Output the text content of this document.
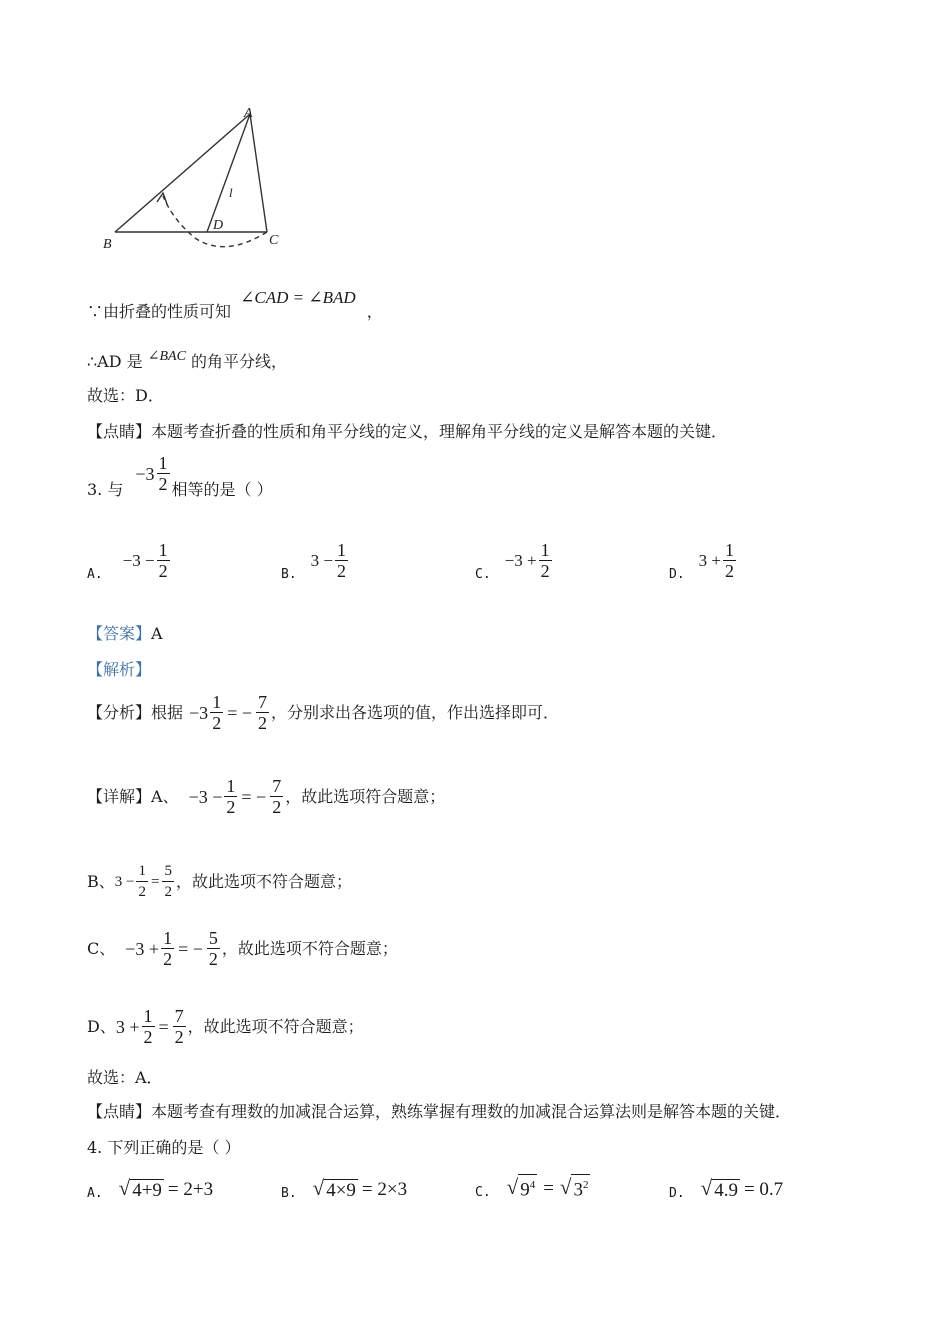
A
B	C
D
l
∵由折叠的性质可知 ∠CAD = ∠BAD ，
∴AD 是 ∠BAC 的角平分线，
故选：D．
【点睛】本题考查折叠的性质和角平分线的定义，理解角平分线的定义是解答本题的关键．
3. 与
$-3 \frac{1}{2}$ 相等的是（ ）
A.
$-3 - \frac{1}{2}$	B.
$3 - \frac{1}{2}$	C.
$-3 + \frac{1}{2}$	D.
$3 + \frac{1}{2}$
【答案】A
【解析】
【分析】 根据 $-3 \frac{1}{2}$ = − $\frac{7}{2}$ ，分别求出各选项的值，作出选择即可．
【详解】 A、 $-3 - \frac{1}{2}$ = − $\frac{7}{2}$ ，故此选项符合题意；
B、 $3 - \frac{1}{2} = \frac{5}{2}$ ，故此选项不符合题意；
C、 $-3 + \frac{1}{2}$ = − $\frac{5}{2}$ ，故此选项不符合题意；
D、 $3 + \frac{1}{2} = \frac{7}{2}$ ，故此选项不符合题意；
故选：A．
【点睛】本题考查有理数的加减混合运算，熟练掌握有理数的加减混合运算法则是解答本题的关键．
4. 下列正确的是（ ）
A. √ 4+9 = 2+3	B. √ 4×9 = 2×3	C. √ $9^4$ = √ $3^2$
D. √ 4.9 = 0.7
